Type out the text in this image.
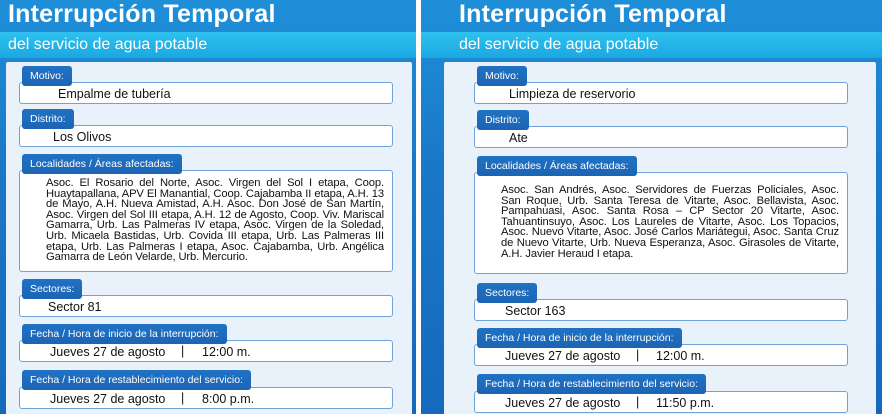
Interrupción Temporal
del servicio de agua potable
Empalme de tubería
Motivo:
Los Olivos
Distrito:
Asoc. El Rosario del Norte, Asoc. Virgen del Sol I etapa, Coop. Huaytapallana, APV El Manantial, Coop. Cajabamba II etapa, A.H. 13 de Mayo, A.H. Nueva Amistad, A.H. Asoc. Don José de San Martín, Asoc. Virgen del Sol III etapa, A.H. 12 de Agosto, Coop. Viv. Mariscal Gamarra, Urb. Las Palmeras IV etapa, Asoc. Virgen de la Soledad, Urb. Micaela Bastidas, Urb. Covida III etapa, Urb. Las Palmeras III etapa, Urb. Las Palmeras I etapa, Asoc. Cajabamba, Urb. Angélica Gamarra de León Velarde, Urb. Mercurio.
Localidades / Áreas afectadas:
Sector 81
Sectores:
Jueves 27 de agosto | 12:00 m.
Fecha / Hora de inicio de la interrupción:
Jueves 27 de agosto | 8:00 p.m.
Fecha / Hora de restablecimiento del servicio:
Interrupción Temporal
del servicio de agua potable
Limpieza de reservorio
Motivo:
Ate
Distrito:
Asoc. San Andrés, Asoc. Servidores de Fuerzas Policiales, Asoc. San Roque, Urb. Santa Teresa de Vitarte, Asoc. Bellavista, Asoc. Pampahuasi, Asoc. Santa Rosa – CP Sector 20 Vitarte, Asoc. Tahuantinsuyo, Asoc. Los Laureles de Vitarte, Asoc. Los Topacios, Asoc. Nuevo Vitarte, Asoc. José Carlos Mariátegui, Asoc. Santa Cruz de Nuevo Vitarte, Urb. Nueva Esperanza, Asoc. Girasoles de Vitarte, A.H. Javier Heraud I etapa.
Localidades / Áreas afectadas:
Sector 163
Sectores:
Jueves 27 de agosto | 12:00 m.
Fecha / Hora de inicio de la interrupción:
Jueves 27 de agosto | 11:50 p.m.
Fecha / Hora de restablecimiento del servicio:
